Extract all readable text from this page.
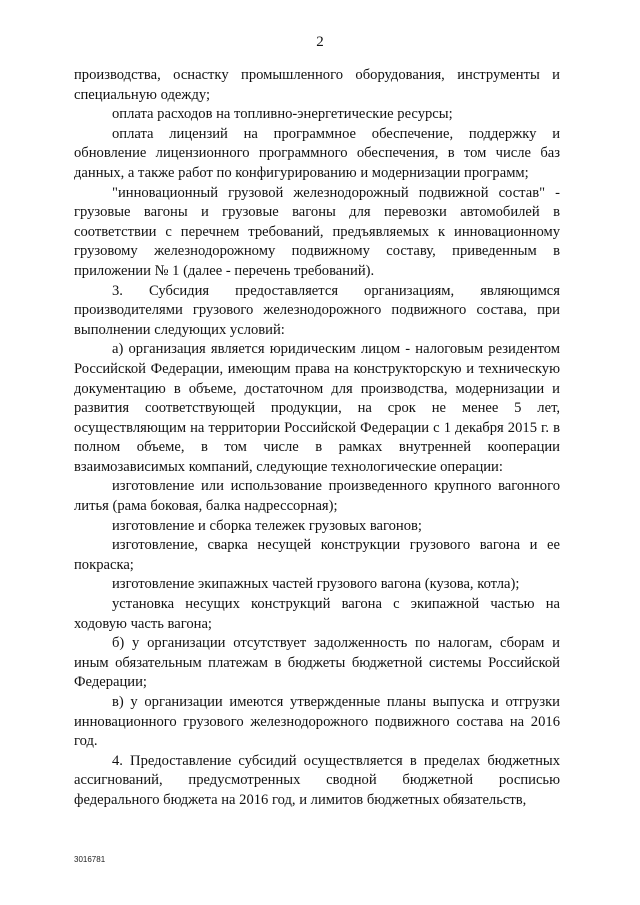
2

производства, оснастку промышленного оборудования, инструменты и специальную одежду;

оплата расходов на топливно-энергетические ресурсы;

оплата лицензий на программное обеспечение, поддержку и обновление лицензионного программного обеспечения, в том числе баз данных, а также работ по конфигурированию и модернизации программ;

"инновационный грузовой железнодорожный подвижной состав" - грузовые вагоны и грузовые вагоны для перевозки автомобилей в соответствии с перечнем требований, предъявляемых к инновационному грузовому железнодорожному подвижному составу, приведенным в приложении № 1 (далее - перечень требований).

3. Субсидия предоставляется организациям, являющимся производителями грузового железнодорожного подвижного состава, при выполнении следующих условий:

а) организация является юридическим лицом - налоговым резидентом Российской Федерации, имеющим права на конструкторскую и техническую документацию в объеме, достаточном для производства, модернизации и развития соответствующей продукции, на срок не менее 5 лет, осуществляющим на территории Российской Федерации с 1 декабря 2015 г. в полном объеме, в том числе в рамках внутренней кооперации взаимозависимых компаний, следующие технологические операции:

изготовление или использование произведенного крупного вагонного литья (рама боковая, балка надрессорная);

изготовление и сборка тележек грузовых вагонов;

изготовление, сварка несущей конструкции грузового вагона и ее покраска;

изготовление экипажных частей грузового вагона (кузова, котла);

установка несущих конструкций вагона с экипажной частью на ходовую часть вагона;

б) у организации отсутствует задолженность по налогам, сборам и иным обязательным платежам в бюджеты бюджетной системы Российской Федерации;

в) у организации имеются утвержденные планы выпуска и отгрузки инновационного грузового железнодорожного подвижного состава на 2016 год.

4. Предоставление субсидий осуществляется в пределах бюджетных ассигнований, предусмотренных сводной бюджетной росписью федерального бюджета на 2016 год, и лимитов бюджетных обязательств,

3016781
